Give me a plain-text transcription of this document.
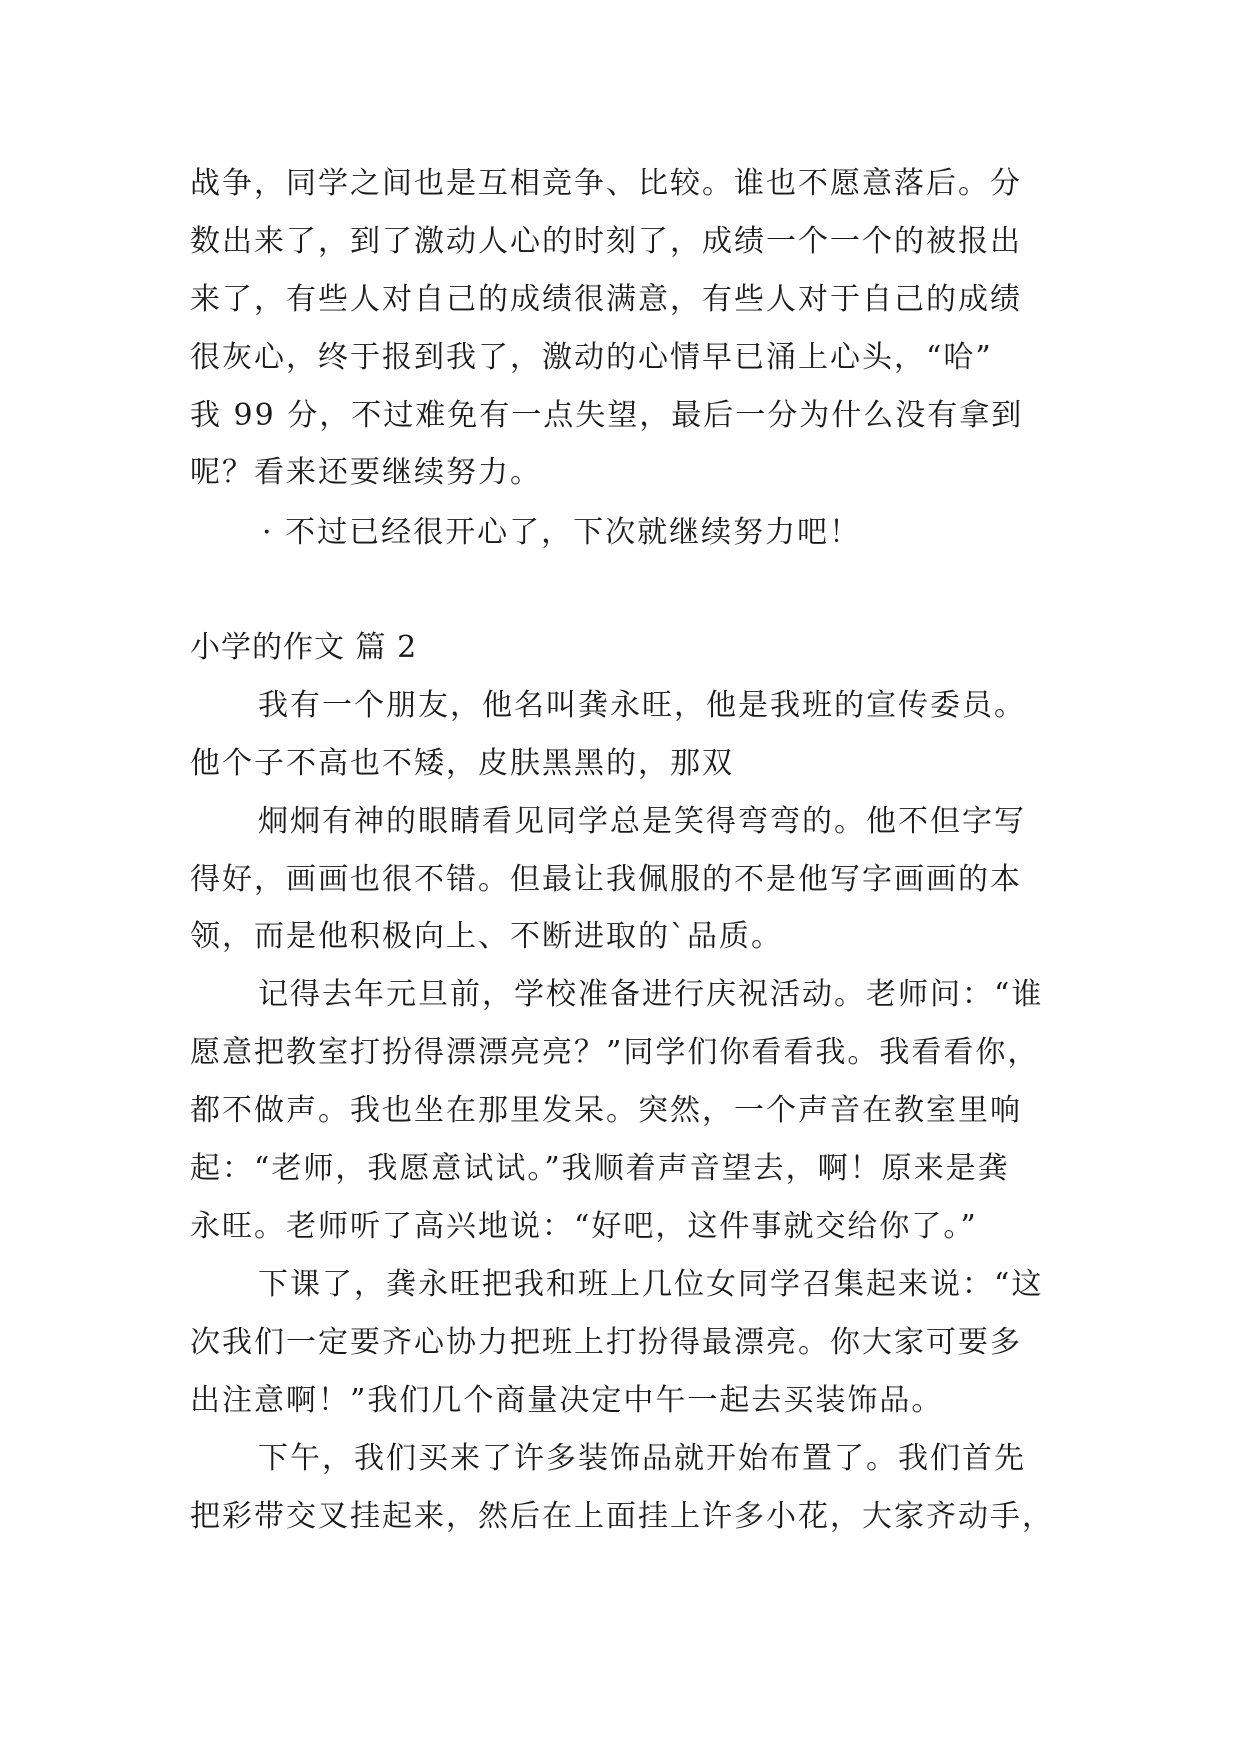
战争，同学之间也是互相竞争、比较。谁也不愿意落后。分
数出来了，到了激动人心的时刻了，成绩一个一个的被报出
来了，有些人对自己的成绩很满意，有些人对于自己的成绩
很灰心，终于报到我了，激动的心情早已涌上心头，“哈”
我 99 分，不过难免有一点失望，最后一分为什么没有拿到
呢？看来还要继续努力。
· 不过已经很开心了，下次就继续努力吧！
小学的作文 篇 2
我有一个朋友，他名叫龚永旺，他是我班的宣传委员。
他个子不高也不矮，皮肤黑黑的，那双
炯炯有神的眼睛看见同学总是笑得弯弯的。他不但字写
得好，画画也很不错。但最让我佩服的不是他写字画画的本
领，而是他积极向上、不断进取的`品质。
记得去年元旦前，学校准备进行庆祝活动。老师问：“谁
愿意把教室打扮得漂漂亮亮？”同学们你看看我。我看看你，
都不做声。我也坐在那里发呆。突然，一个声音在教室里响
起：“老师，我愿意试试。”我顺着声音望去，啊！原来是龚
永旺。老师听了高兴地说：“好吧，这件事就交给你了。”
下课了，龚永旺把我和班上几位女同学召集起来说：“这
次我们一定要齐心协力把班上打扮得最漂亮。你大家可要多
出注意啊！”我们几个商量决定中午一起去买装饰品。
下午，我们买来了许多装饰品就开始布置了。我们首先
把彩带交叉挂起来，然后在上面挂上许多小花，大家齐动手，
